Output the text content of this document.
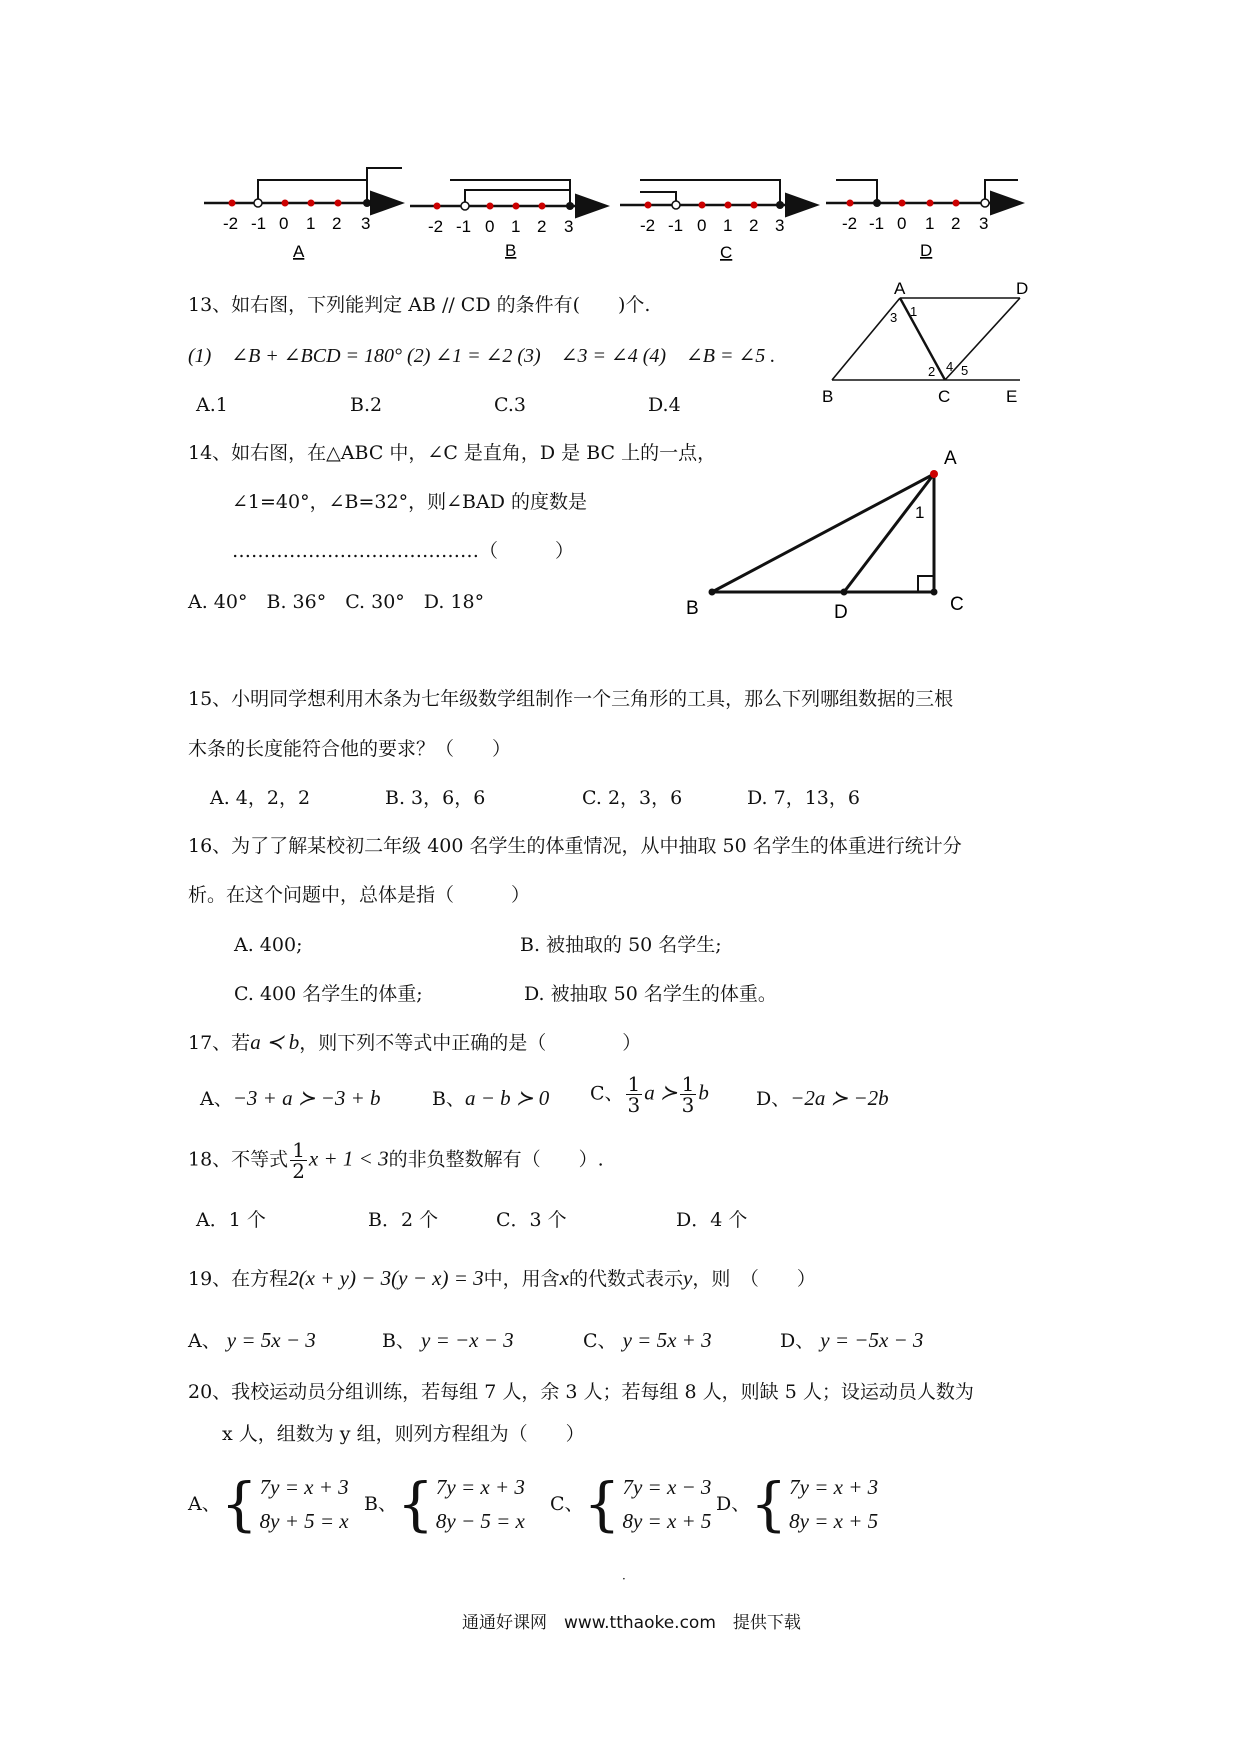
-2 -1 0 1 2 3
A
-2 -1 0 1 2 3
B
-2 -1 0 1 2 3
C
-2 -1 0 1 2 3
D
13、如右图，下列能判定 AB // CD 的条件有(　　)个.
(1)　∠B + ∠BCD = 180° (2) ∠1 = ∠2 (3)　∠3 = ∠4 (4)　∠B = ∠5 .
A.1	B.2	C.3	D.4
A	D
B	C	E
1
2
3
4 5
14、如右图，在△ABC 中，∠C 是直角，D 是 BC 上的一点，
∠1=40°，∠B=32°，则∠BAD 的度数是
…………………………………（　　　）
A. 40°　B. 36°　C. 30°　D. 18°
A
B	D	C
1
15、小明同学想利用木条为七年级数学组制作一个三角形的工具，那么下列哪组数据的三根
木条的长度能符合他的要求？（　　）
A. 4，2，2	B. 3，6，6	C. 2，3，6	D. 7，13，6
16、为了了解某校初二年级 400 名学生的体重情况，从中抽取 50 名学生的体重进行统计分
析。在这个问题中，总体是指（　　　）
A. 400;	B. 被抽取的 50 名学生;
C. 400 名学生的体重;	D. 被抽取 50 名学生的体重。
17、若a ≺ b，则下列不等式中正确的是（　　　　）
A、−3 + a ≻ −3 + b	B、a − b ≻ 0 C、 $\frac{1}{3}$ a ≻ $\frac{1}{3}$ b D、−2a ≻ −2b
18、不等式 $\frac{1}{2}$ x + 1 < 3的非负整数解有（　　）.
A．1 个	B．2 个	C．3 个	D．4 个
19、在方程2(x + y) − 3(y − x) = 3中，用含x的代数式表示y，则　（　　）
A、 y = 5x − 3	B、 y = −x − 3	C、 y = 5x + 3	D、 y = −5x − 3
20、我校运动员分组训练，若每组 7 人，余 3 人；若每组 8 人，则缺 5 人；设运动员人数为
x 人，组数为 y 组，则列方程组为（　　）
A、{ 7y = x + 3
8y + 5 = x
B、{ 7y = x + 3
8y − 5 = x
C、{ 7y = x − 3
8y = x + 5
D、{ 7y = x + 3
8y = x + 5
·
通通好课网　www.tthaoke.com　提供下载
